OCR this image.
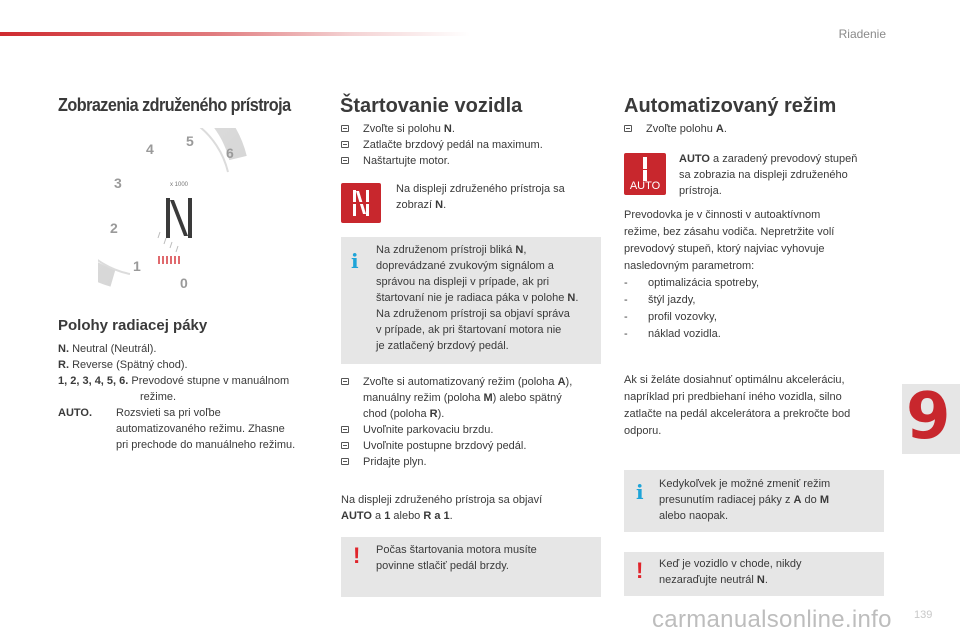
Riadenie
Zobrazenia združeného prístroja
0
1
2
3
4 5
6
x 1000
Polohy radiacej páky
N. Neutral (Neutrál).
R. Reverse (Spätný chod).
1, 2, 3, 4, 5, 6. Prevodové stupne v manuálnom
režime.
AUTO. Rozsvieti sa pri voľbe
automatizovaného režimu. Zhasne
pri prechode do manuálneho režimu.
Štartovanie vozidla
Zvoľte si polohu N.
Zatlačte brzdový pedál na maximum.
Naštartujte motor.
Na displeji združeného prístroja sa
zobrazí N.
i Na združenom prístroji bliká N,
doprevádzané zvukovým signálom a
správou na displeji v prípade, ak pri
štartovaní nie je radiaca páka v polohe N.
Na združenom prístroji sa objaví správa
v prípade, ak pri štartovaní motora nie
je zatlačený brzdový pedál.
Zvoľte si automatizovaný režim (poloha A),
manuálny režim (poloha M) alebo spätný
chod (poloha R).
Uvoľnite parkovaciu brzdu.
Uvoľnite postupne brzdový pedál.
Pridajte plyn.
Na displeji združeného prístroja sa objaví
AUTO a 1 alebo R a 1.
! Počas štartovania motora musíte
povinne stlačiť pedál brzdy.
Automatizovaný režim
Zvoľte polohu A.
AUTO
AUTO a zaradený prevodový stupeň
sa zobrazia na displeji združeného
prístroja.
Prevodovka je v činnosti v autoaktívnom
režime, bez zásahu vodiča. Nepretržite volí
prevodový stupeň, ktorý najviac vyhovuje
nasledovným parametrom:
- optimalizácia spotreby,
- štýl jazdy,
- profil vozovky,
- náklad vozidla.
Ak si želáte dosiahnuť optimálnu akceleráciu,
napríklad pri predbiehaní iného vozidla, silno
zatlačte na pedál akcelerátora a prekročte bod
odporu.
i Kedykoľvek je možné zmeniť režim
presunutím radiacej páky z A do M
alebo naopak.
! Keď je vozidlo v chode, nikdy
nezaraďujte neutrál N.
9
carmanualsonline.info 139
